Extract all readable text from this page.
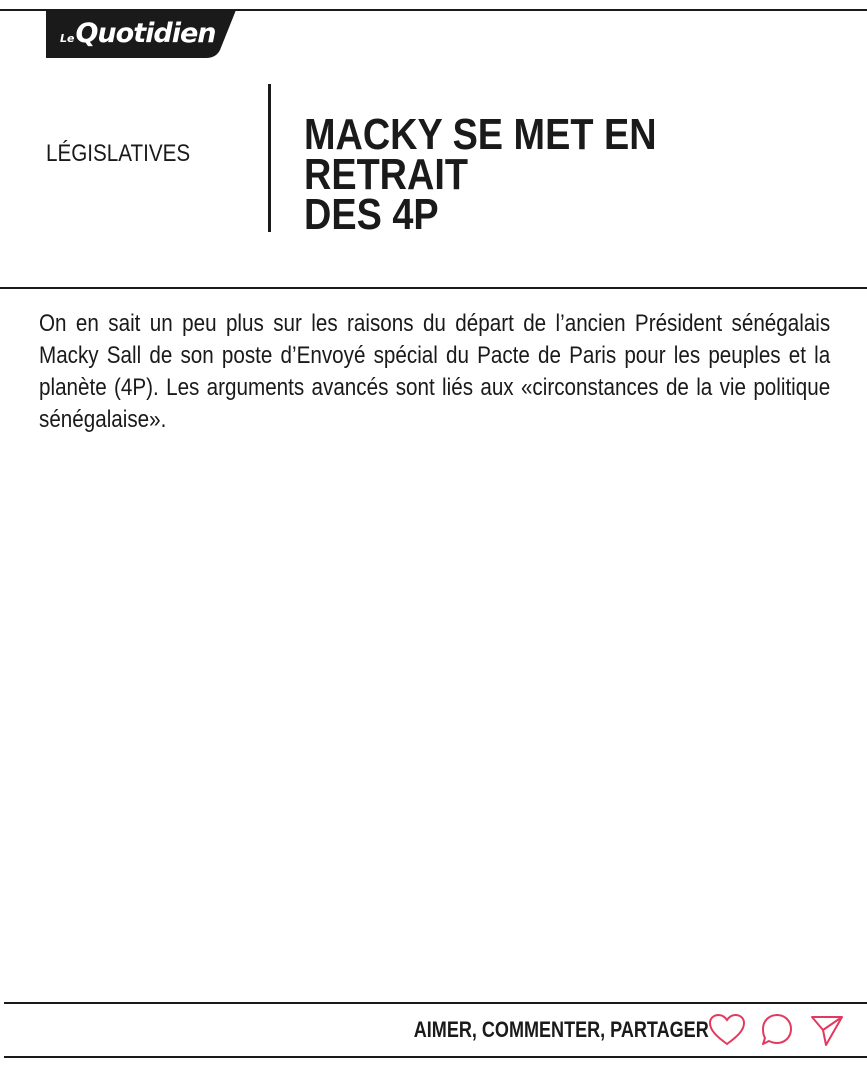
Le Quotidien
LÉGISLATIVES	MACKY SE MET EN RETRAIT
DES 4P
On en sait un peu plus sur les raisons du départ de l’ancien Président sénégalais Macky Sall de son poste d’Envoyé spécial du Pacte de Paris pour les peuples et la planète (4P). Les arguments avancés sont liés aux «circonstances de la vie politique sénégalaise».
AIMER, COMMENTER, PARTAGER
